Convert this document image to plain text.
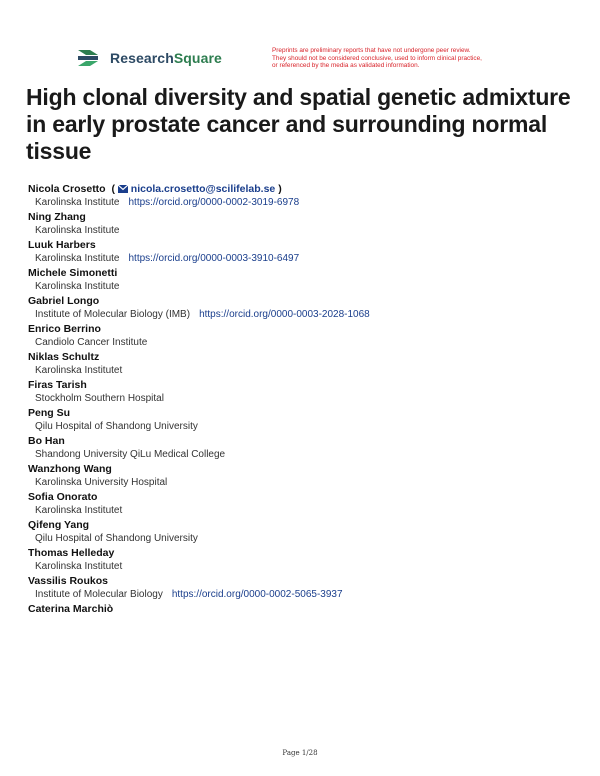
ResearchSquare	Preprints are preliminary reports that have not undergone peer review.
They should not be considered conclusive, used to inform clinical practice,
or referenced by the media as validated information.
High clonal diversity and spatial genetic admixture in early prostate cancer and surrounding normal tissue
Nicola Crosetto ( nicola.crosetto@scilifelab.se )
Karolinska Institute https://orcid.org/0000-0002-3019-6978
Ning Zhang
Karolinska Institute
Luuk Harbers
Karolinska Institute https://orcid.org/0000-0003-3910-6497
Michele Simonetti
Karolinska Institute
Gabriel Longo
Institute of Molecular Biology (IMB) https://orcid.org/0000-0003-2028-1068
Enrico Berrino
Candiolo Cancer Institute
Niklas Schultz
Karolinska Institutet
Firas Tarish
Stockholm Southern Hospital
Peng Su
Qilu Hospital of Shandong University
Bo Han
Shandong University QiLu Medical College
Wanzhong Wang
Karolinska University Hospital
Sofia Onorato
Karolinska Institutet
Qifeng Yang
Qilu Hospital of Shandong University
Thomas Helleday
Karolinska Institutet
Vassilis Roukos
Institute of Molecular Biology https://orcid.org/0000-0002-5065-3937
Caterina Marchiò
Page 1/28
